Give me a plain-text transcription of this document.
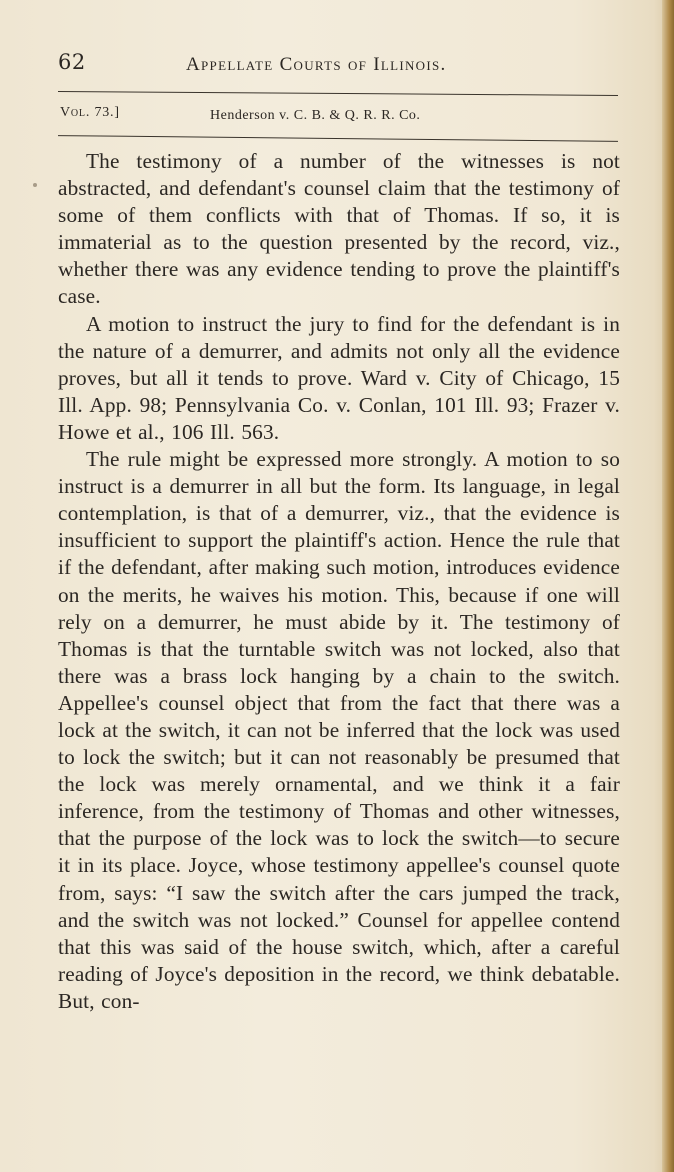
62	Appellate Courts of Illinois.
Vol. 73.]	Henderson v. C. B. & Q. R. R. Co.

The testimony of a number of the witnesses is not abstracted, and defendant's counsel claim that the testimony of some of them conflicts with that of Thomas. If so, it is immaterial as to the question presented by the record, viz., whether there was any evidence tending to prove the plaintiff's case.

A motion to instruct the jury to find for the defendant is in the nature of a demurrer, and admits not only all the evidence proves, but all it tends to prove. Ward v. City of Chicago, 15 Ill. App. 98; Pennsylvania Co. v. Conlan, 101 Ill. 93; Frazer v. Howe et al., 106 Ill. 563.

The rule might be expressed more strongly. A motion to so instruct is a demurrer in all but the form. Its language, in legal contemplation, is that of a demurrer, viz., that the evidence is insufficient to support the plaintiff's action. Hence the rule that if the defendant, after making such motion, introduces evidence on the merits, he waives his motion. This, because if one will rely on a demurrer, he must abide by it. The testimony of Thomas is that the turntable switch was not locked, also that there was a brass lock hanging by a chain to the switch. Appellee's counsel object that from the fact that there was a lock at the switch, it can not be inferred that the lock was used to lock the switch; but it can not reasonably be presumed that the lock was merely ornamental, and we think it a fair inference, from the testimony of Thomas and other witnesses, that the purpose of the lock was to lock the switch—to secure it in its place. Joyce, whose testimony appellee's counsel quote from, says: “I saw the switch after the cars jumped the track, and the switch was not locked.” Counsel for appellee contend that this was said of the house switch, which, after a careful reading of Joyce's deposition in the record, we think debatable. But, con-
